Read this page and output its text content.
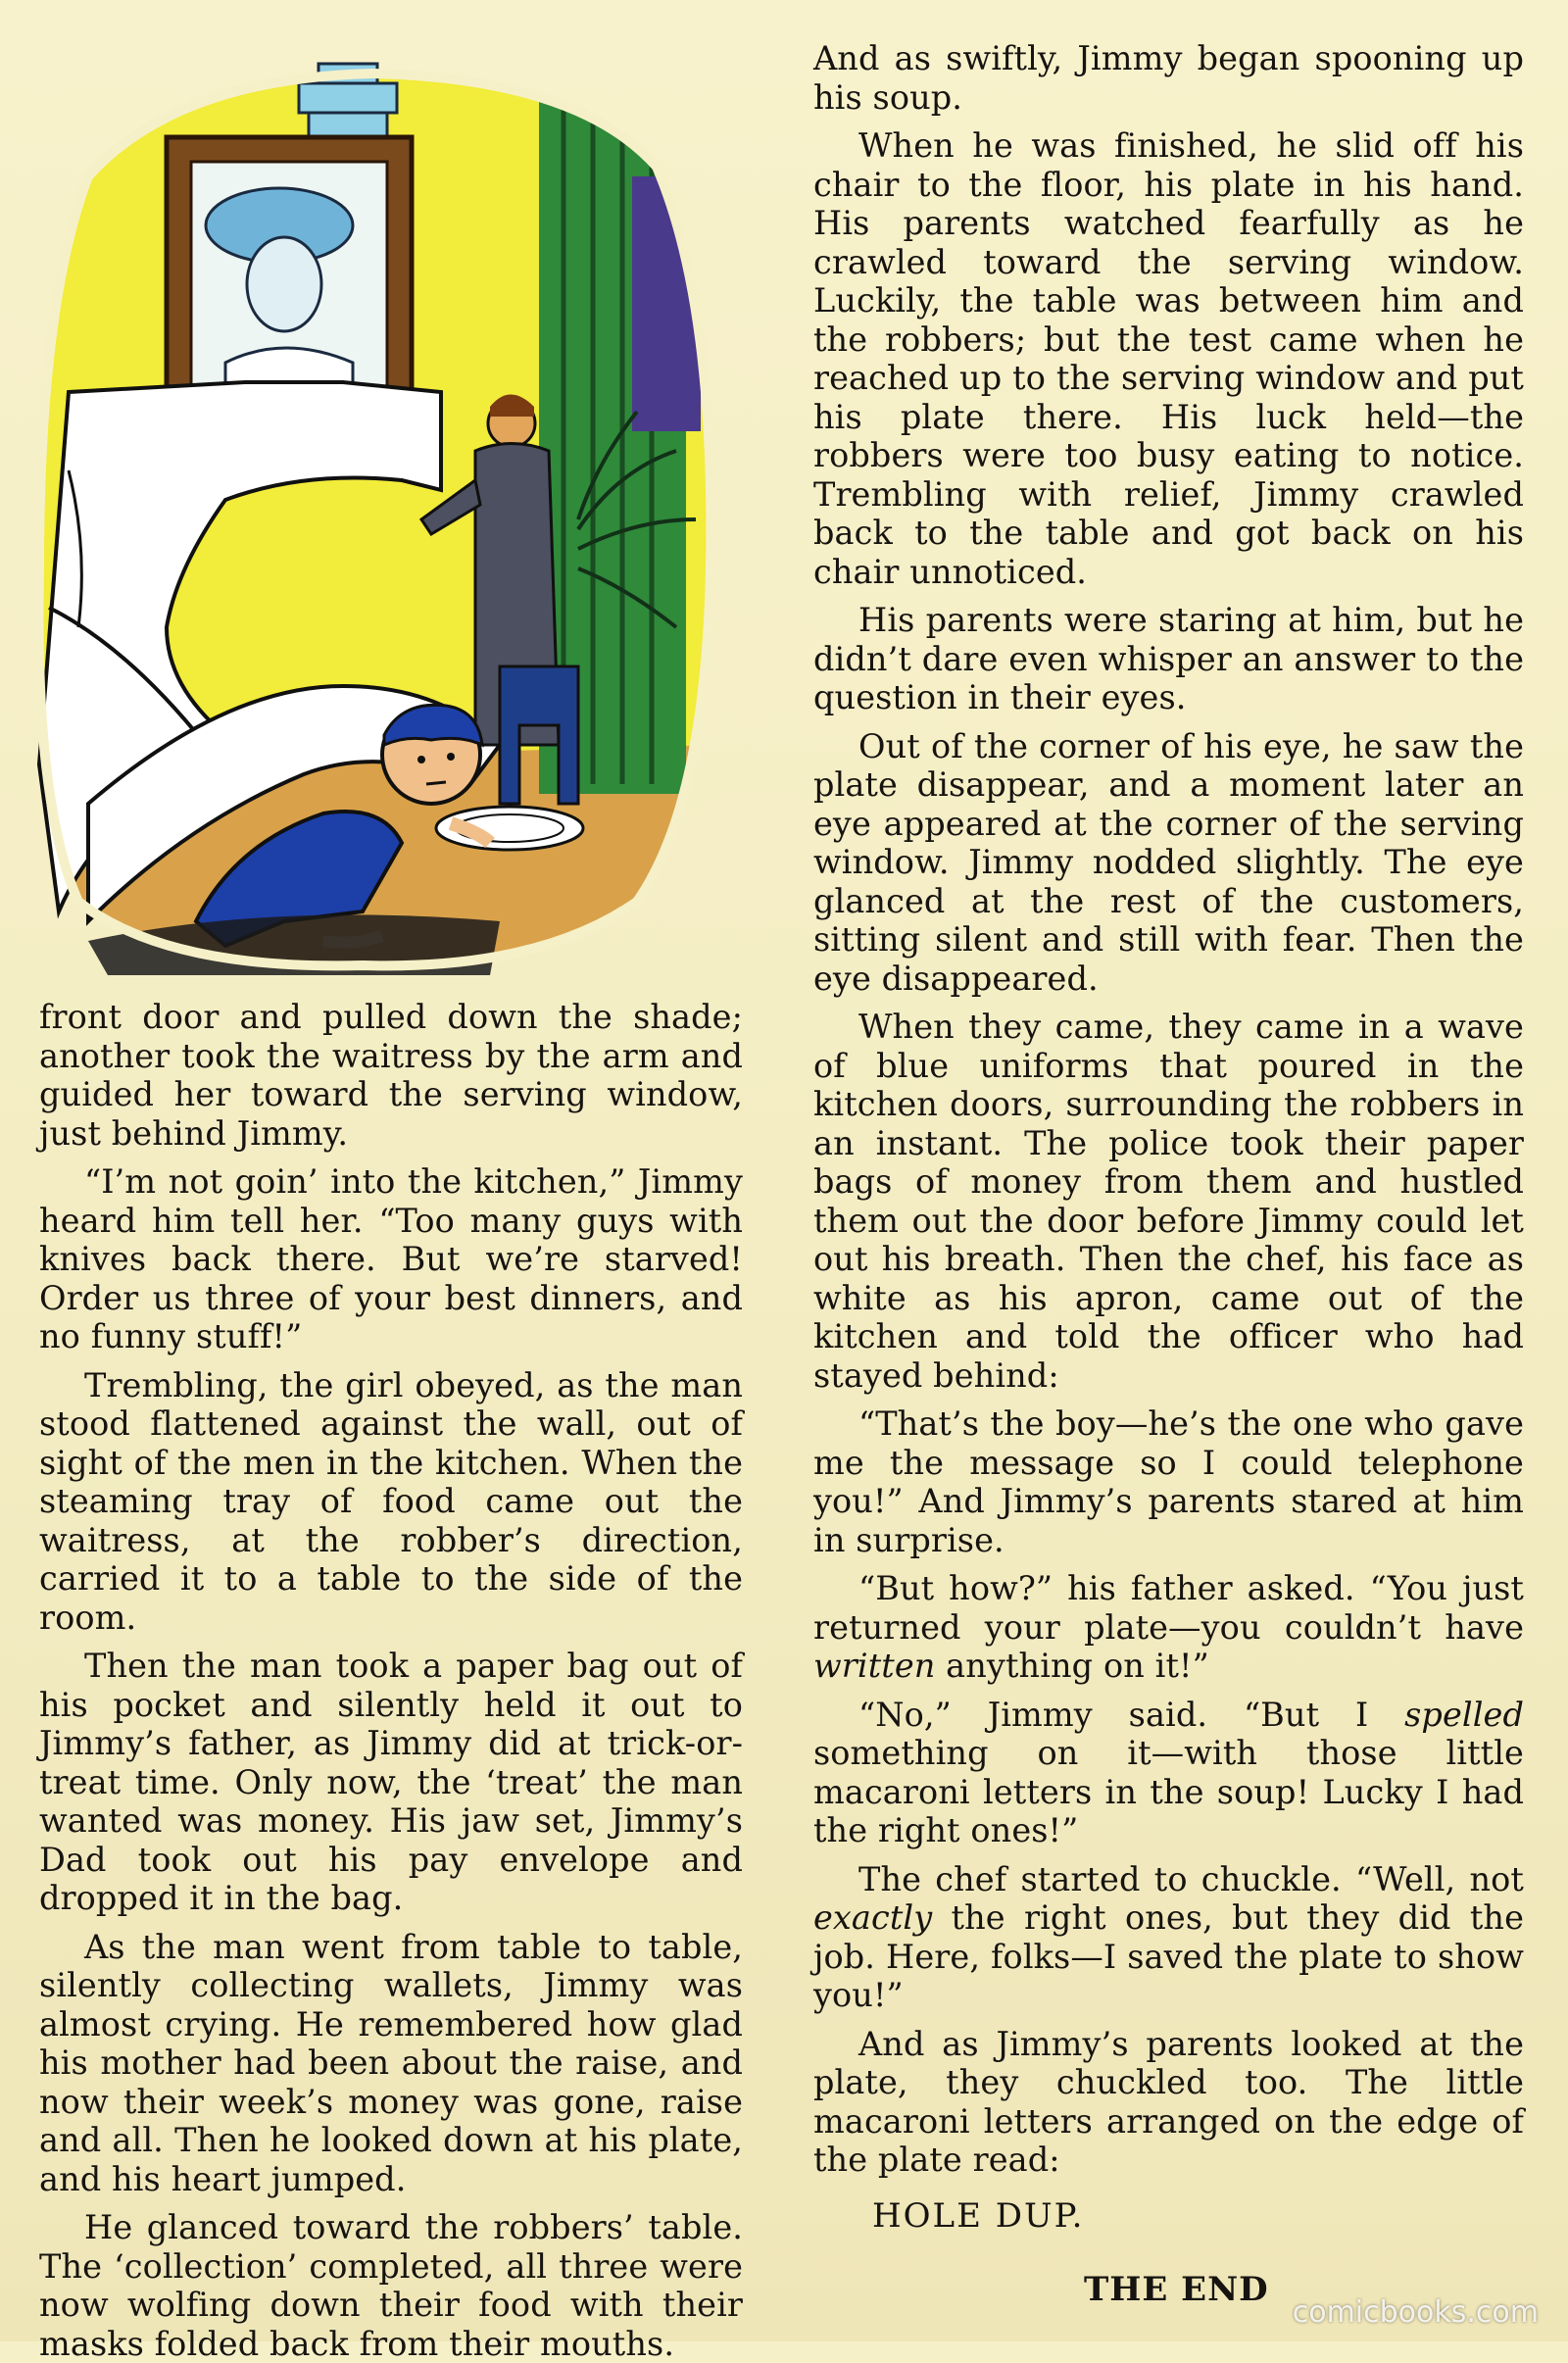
front door and pulled down the shade; another took the waitress by the arm and guided her toward the serving window, just behind Jimmy.

“I’m not goin’ into the kitchen,” Jimmy heard him tell her. “Too many guys with knives back there. But we’re starved! Order us three of your best dinners, and no funny stuff!”

Trembling, the girl obeyed, as the man stood flattened against the wall, out of sight of the men in the kitchen. When the steaming tray of food came out the waitress, at the robber’s direction, carried it to a table to the side of the room.

Then the man took a paper bag out of his pocket and silently held it out to Jimmy’s father, as Jimmy did at trick-or-treat time. Only now, the ‘treat’ the man wanted was money. His jaw set, Jimmy’s Dad took out his pay envelope and dropped it in the bag.

As the man went from table to table, silently collecting wallets, Jimmy was almost crying. He remembered how glad his mother had been about the raise, and now their week’s money was gone, raise and all. Then he looked down at his plate, and his heart jumped.

He glanced toward the robbers’ table. The ‘collection’ completed, all three were now wolfing down their food with their masks folded back from their mouths.

And as swiftly, Jimmy began spooning up his soup.

When he was finished, he slid off his chair to the floor, his plate in his hand. His parents watched fearfully as he crawled toward the serving window. Luckily, the table was between him and the robbers; but the test came when he reached up to the serving window and put his plate there. His luck held—the robbers were too busy eating to notice. Trembling with relief, Jimmy crawled back to the table and got back on his chair unnoticed.

His parents were staring at him, but he didn’t dare even whisper an answer to the question in their eyes.

Out of the corner of his eye, he saw the plate disappear, and a moment later an eye appeared at the corner of the serving window. Jimmy nodded slightly. The eye glanced at the rest of the customers, sitting silent and still with fear. Then the eye disappeared.

When they came, they came in a wave of blue uniforms that poured in the kitchen doors, surrounding the robbers in an instant. The police took their paper bags of money from them and hustled them out the door before Jimmy could let out his breath. Then the chef, his face as white as his apron, came out of the kitchen and told the officer who had stayed behind:

“That’s the boy—he’s the one who gave me the message so I could telephone you!” And Jimmy’s parents stared at him in surprise.

“But how?” his father asked. “You just returned your plate—you couldn’t have written anything on it!”

“No,” Jimmy said. “But I spelled something on it—with those little macaroni letters in the soup! Lucky I had the right ones!”

The chef started to chuckle. “Well, not exactly the right ones, but they did the job. Here, folks—I saved the plate to show you!”

And as Jimmy’s parents looked at the plate, they chuckled too. The little macaroni letters arranged on the edge of the plate read:

HOLE DUP.
THE END
comicbooks.com
